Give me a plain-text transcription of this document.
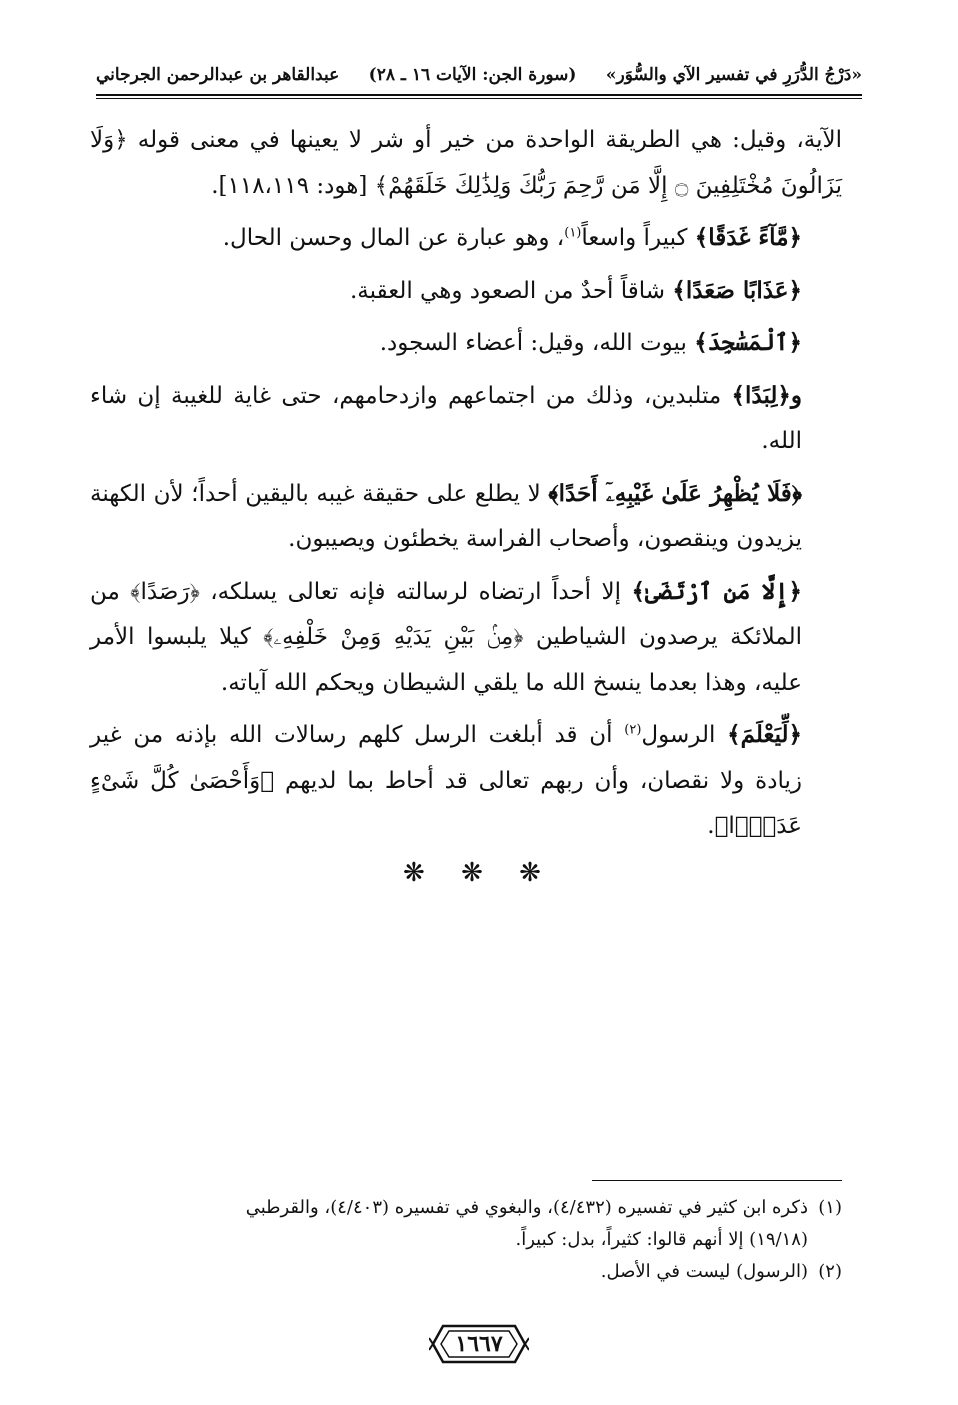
«دَرْجُ الدُّرَرِ في تفسير الآي والسُّوَر»
(سورة الجن: الآيات ١٦ ـ ٢٨)
عبدالقاهر بن عبدالرحمن الجرجاني

الآية، وقيل: هي الطريقة الواحدة من خير أو شر لا يعينها في معنى قوله ﴿وَلَا يَزَالُونَ مُخْتَلِفِينَ ۝ إِلَّا مَن رَّحِمَ رَبُّكَ وَلِذَٰلِكَ خَلَقَهُمْ﴾ [هود: ١١٨،١١٩].

﴿مَّآءً غَدَقًا﴾ كبيراً واسعاً$^{(١)}$، وهو عبارة عن المال وحسن الحال.

﴿عَذَابًا صَعَدًا﴾ شاقاً أحدٌ من الصعود وهي العقبة.

﴿ٱلْمَسَٰجِدَ﴾ بيوت الله، وقيل: أعضاء السجود.

و﴿لِبَدًا﴾ متلبدين، وذلك من اجتماعهم وازدحامهم، حتى غاية للغيبة إن شاء الله.

﴿فَلَا يُظْهِرُ عَلَىٰ غَيْبِهِۦٓ أَحَدًا﴾ لا يطلع على حقيقة غيبه باليقين أحداً؛ لأن الكهنة يزيدون وينقصون، وأصحاب الفراسة يخطئون ويصيبون.

﴿إِلَّا مَنِ ٱرْتَضَىٰ﴾ إلا أحداً ارتضاه لرسالته فإنه تعالى يسلكه، ﴿رَصَدًا﴾ من الملائكة يرصدون الشياطين ﴿مِنۢ بَيْنِ يَدَيْهِ وَمِنْ خَلْفِهِۦ﴾ كيلا يلبسوا الأمر عليه، وهذا بعدما ينسخ الله ما يلقي الشيطان ويحكم الله آياته.

﴿لِّيَعْلَمَ﴾ الرسول$^{(٢)}$ أن قد أبلغت الرسل كلهم رسالات الله بإذنه من غير زيادة ولا نقصان، وأن ربهم تعالى قد أحاط بما لديهم ﴿وَأَحْصَىٰ كُلَّ شَىْءٍ عَدَدًۢا﴾.

❋ ❋ ❋

(١)ذكره ابن كثير في تفسيره (٤/٤٣٢)، والبغوي في تفسيره (٤/٤٠٣)، والقرطبي

(١٩/١٨) إلا أنهم قالوا: كثيراً، بدل: كبيراً.

(٢)(الرسول) ليست في الأصل.

١٦٦٧
